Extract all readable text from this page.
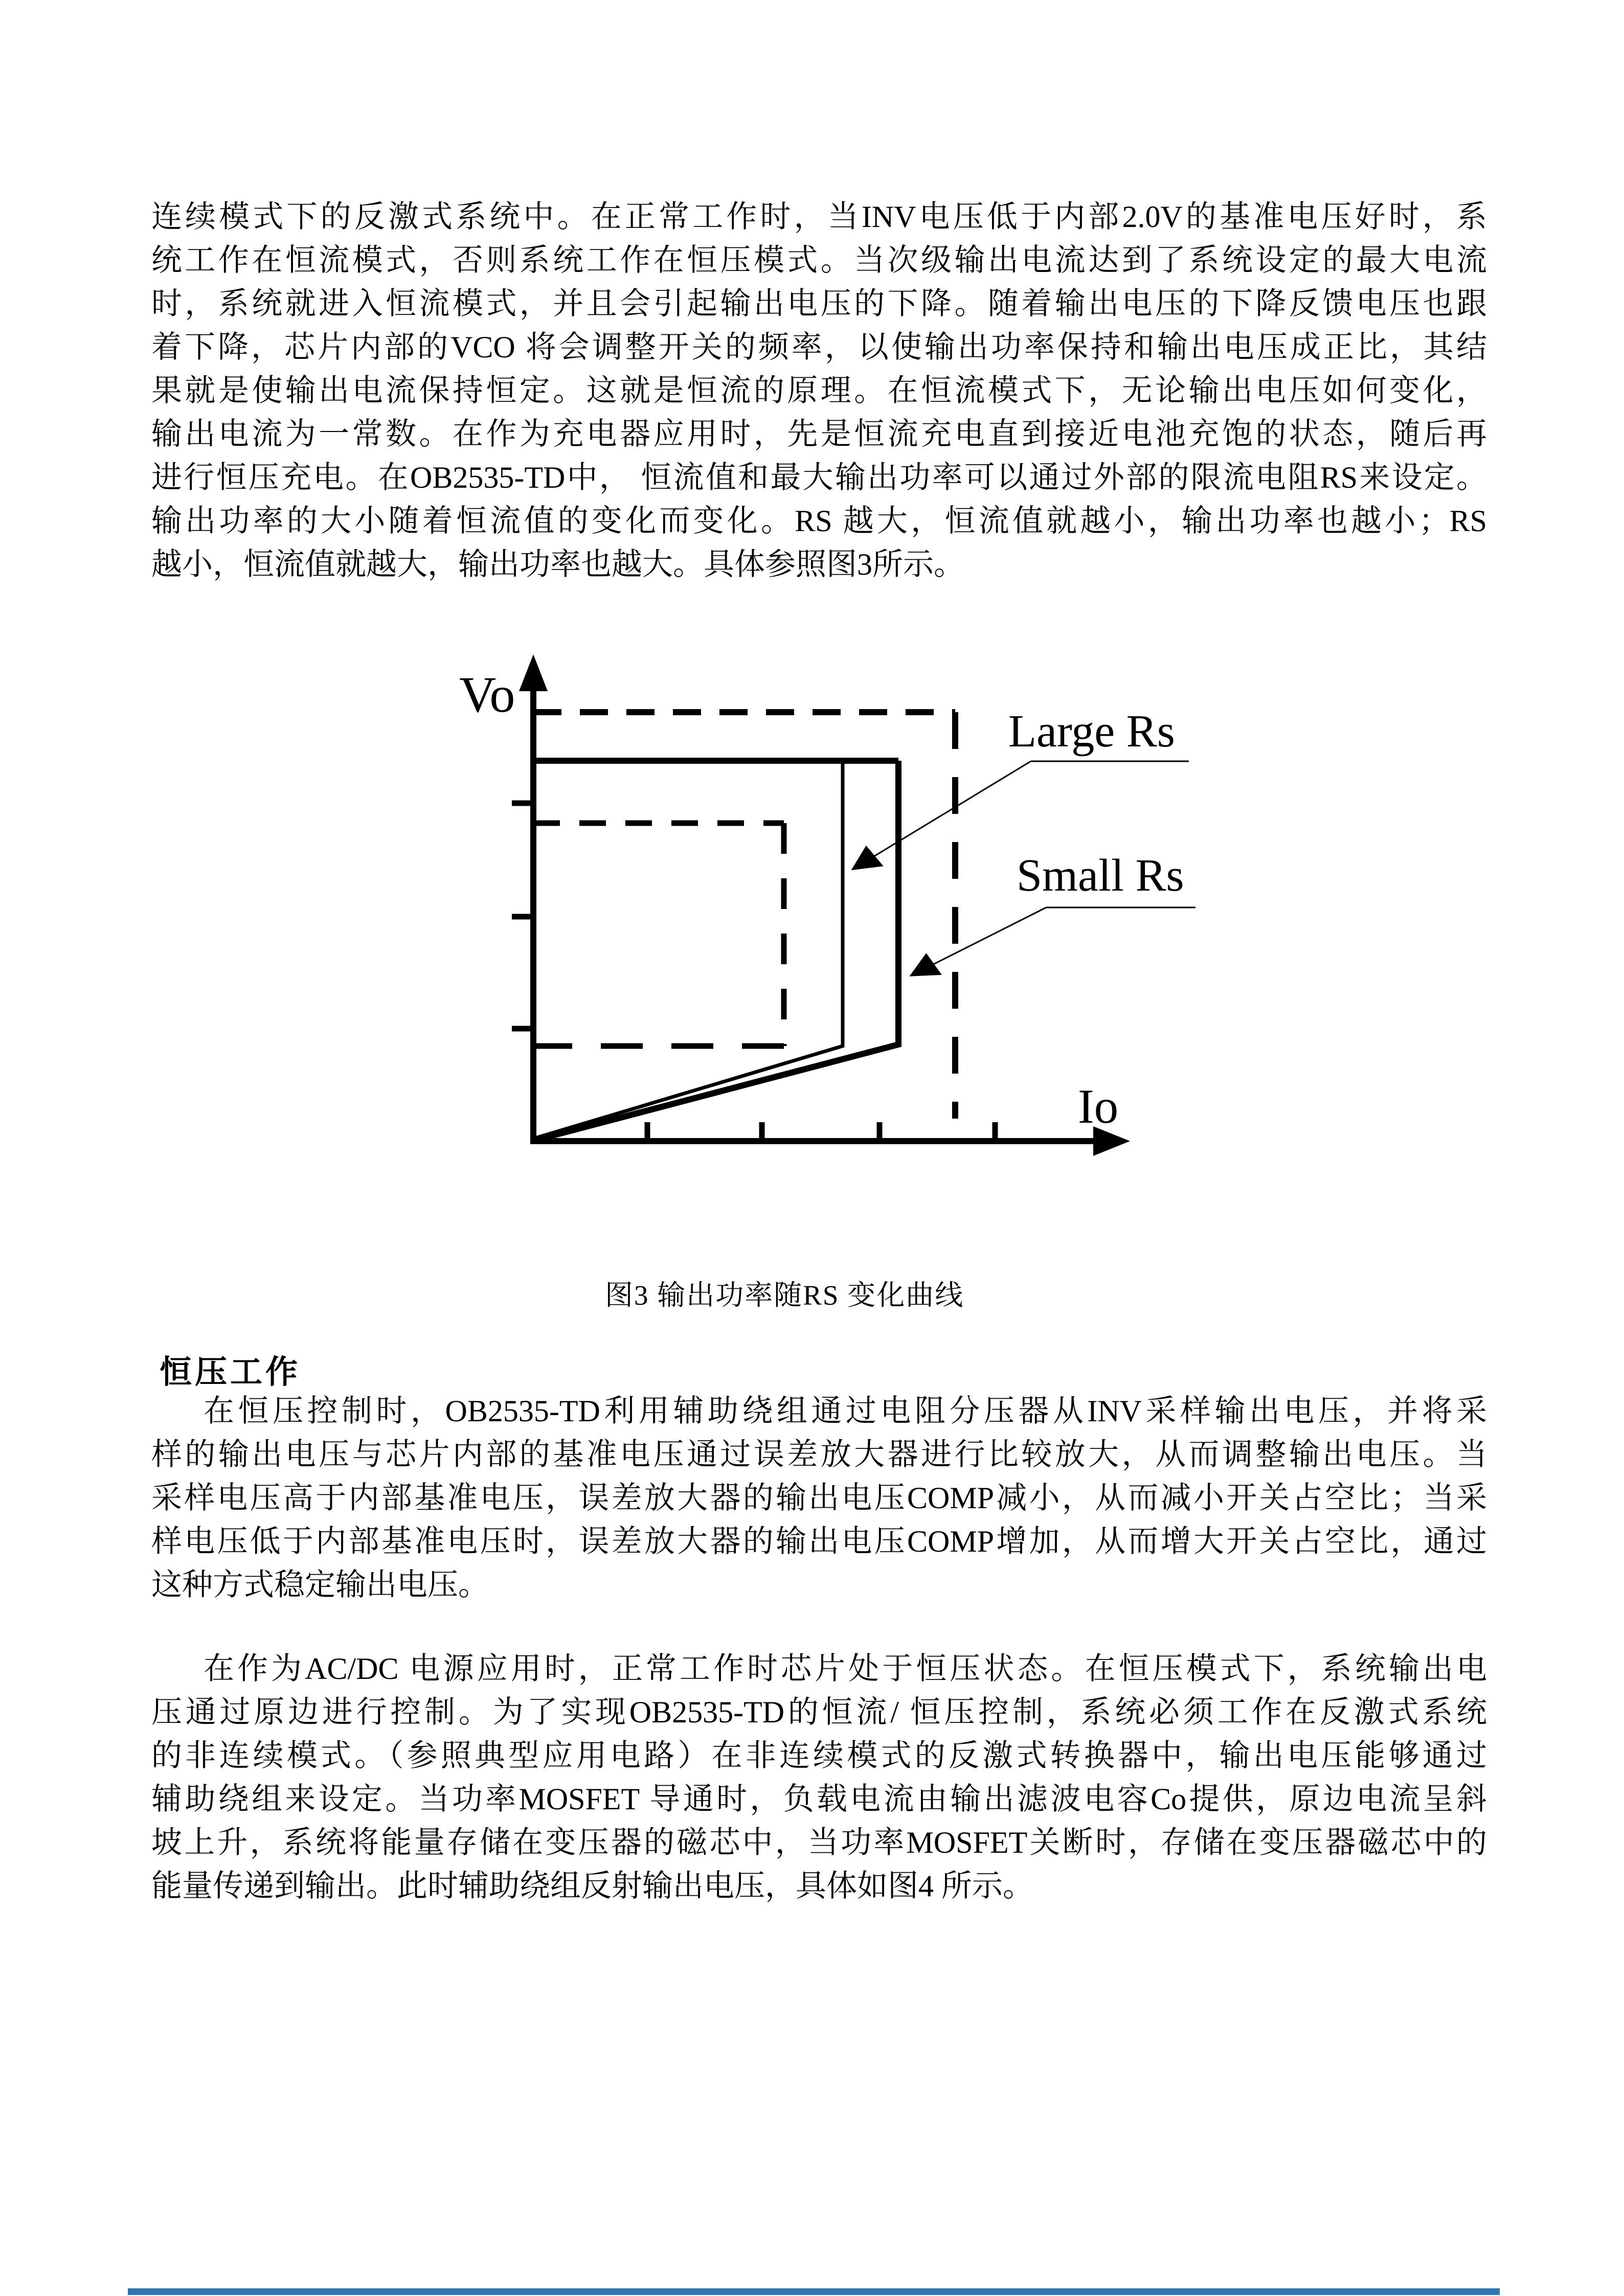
连续模式下的反激式系统中。在正常工作时，当INV电压低于内部2.0V的基准电压好时，系
统工作在恒流模式，否则系统工作在恒压模式。当次级输出电流达到了系统设定的最大电流
时，系统就进入恒流模式，并且会引起输出电压的下降。随着输出电压的下降反馈电压也跟
着下降，芯片内部的VCO 将会调整开关的频率，以使输出功率保持和输出电压成正比，其结
果就是使输出电流保持恒定。这就是恒流的原理。在恒流模式下，无论输出电压如何变化，
输出电流为一常数。在作为充电器应用时，先是恒流充电直到接近电池充饱的状态，随后再
进行恒压充电。在OB2535-TD中， 恒流值和最大输出功率可以通过外部的限流电阻RS来设定。
输出功率的大小随着恒流值的变化而变化。RS 越大，恒流值就越小，输出功率也越小；RS
越小，恒流值就越大，输出功率也越大。具体参照图3所示。
Vo
Io
Large Rs
Small Rs
图3 输出功率随RS 变化曲线
恒压工作
在恒压控制时，OB2535-TD利用辅助绕组通过电阻分压器从INV采样输出电压，并将采
样的输出电压与芯片内部的基准电压通过误差放大器进行比较放大，从而调整输出电压。当
采样电压高于内部基准电压，误差放大器的输出电压COMP减小，从而减小开关占空比；当采
样电压低于内部基准电压时，误差放大器的输出电压COMP增加，从而增大开关占空比，通过
这种方式稳定输出电压。
在作为AC/DC 电源应用时，正常工作时芯片处于恒压状态。在恒压模式下，系统输出电
压通过原边进行控制。为了实现OB2535-TD的恒流/ 恒压控制，系统必须工作在反激式系统
的非连续模式。（参照典型应用电路）在非连续模式的反激式转换器中，输出电压能够通过
辅助绕组来设定。当功率MOSFET 导通时，负载电流由输出滤波电容Co提供，原边电流呈斜
坡上升，系统将能量存储在变压器的磁芯中，当功率MOSFET关断时，存储在变压器磁芯中的
能量传递到输出。此时辅助绕组反射输出电压，具体如图4 所示。
